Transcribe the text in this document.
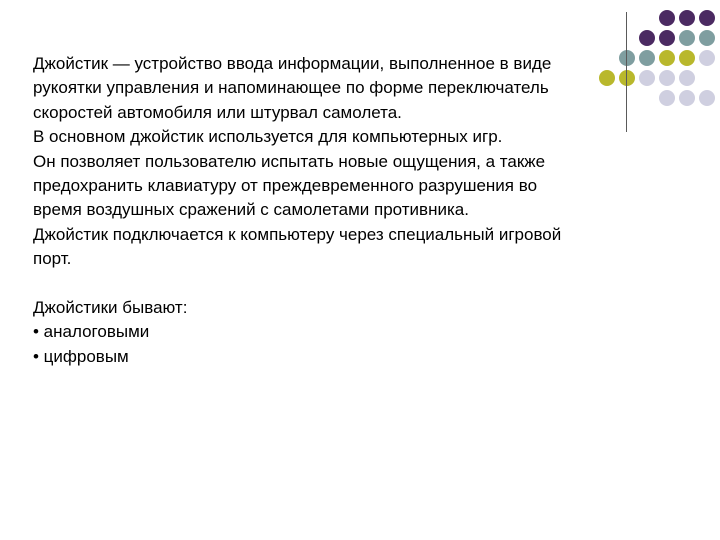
Джойстик — устройство ввода информации, выполненное в виде

рукоятки управления и напоминающее по форме переключатель

скоростей автомобиля или штурвал самолета.

В основном джойстик используется для компьютерных игр.

Он позволяет пользователю испытать новые ощущения, а также

предохранить клавиатуру от преждевременного разрушения во

время воздушных сражений с самолетами противника.

Джойстик подключается к компьютеру через специальный игровой

порт.

Джойстики бывают:

• аналоговыми
• цифровым
